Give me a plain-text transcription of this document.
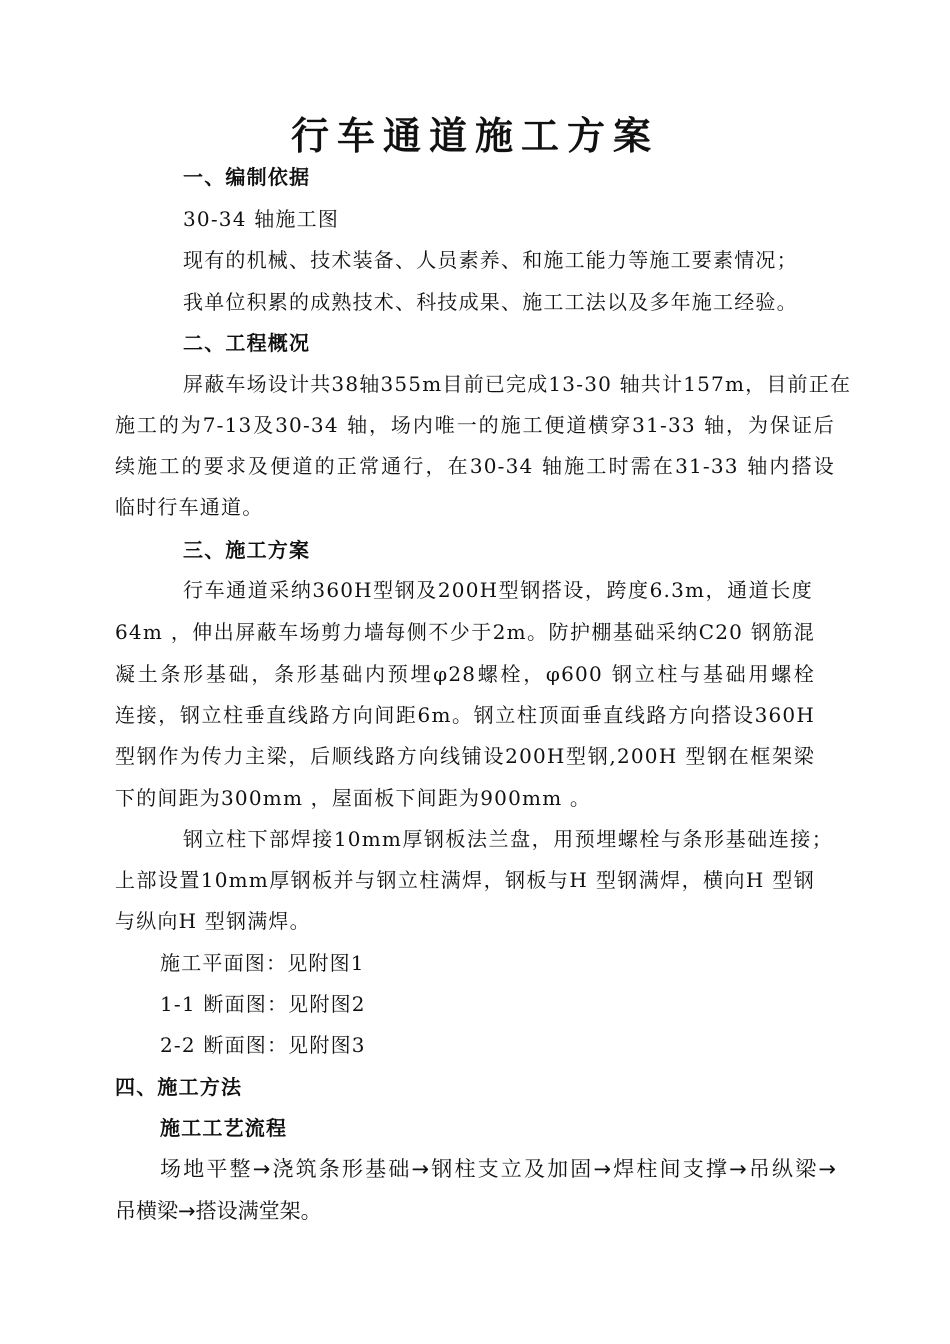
行车通道施工方案
一、编制依据
30-34 轴施工图
现有的机械、技术装备、人员素养、和施工能力等施工要素情况；
我单位积累的成熟技术、科技成果、施工工法以及多年施工经验。
二、工程概况
屏蔽车场设计共38轴355m目前已完成13-30 轴共计157m，目前正在
施工的为7-13及30-34 轴，场内唯一的施工便道横穿31-33 轴，为保证后
续施工的要求及便道的正常通行，在30-34 轴施工时需在31-33 轴内搭设
临时行车通道。
三、施工方案
行车通道采纳360H型钢及200H型钢搭设，跨度6.3m，通道长度
64m ，伸出屏蔽车场剪力墙每侧不少于2m。防护棚基础采纳C20 钢筋混
凝土条形基础，条形基础内预埋φ28螺栓，φ600 钢立柱与基础用螺栓
连接，钢立柱垂直线路方向间距6m。钢立柱顶面垂直线路方向搭设360H
型钢作为传力主梁，后顺线路方向线铺设200H型钢,200H 型钢在框架梁
下的间距为300mm ，屋面板下间距为900mm 。
钢立柱下部焊接10mm厚钢板法兰盘，用预埋螺栓与条形基础连接；
上部设置10mm厚钢板并与钢立柱满焊，钢板与H 型钢满焊，横向H 型钢
与纵向H 型钢满焊。
施工平面图：见附图1
1-1 断面图：见附图2
2-2 断面图：见附图3
四、施工方法
施工工艺流程
场地平整→浇筑条形基础→钢柱支立及加固→焊柱间支撑→吊纵梁→
吊横梁→搭设满堂架。
